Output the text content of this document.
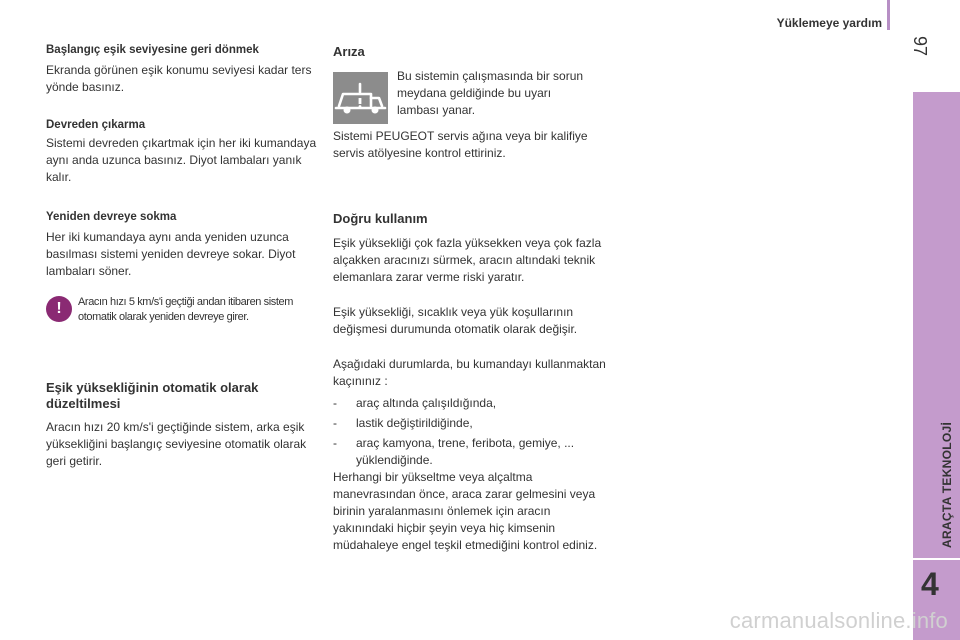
Yüklemeye yardım
97
ARAÇTA TEKNOLOJİ
4
Başlangıç eşik seviyesine geri dönmek

Ekranda görünen eşik konumu seviyesi kadar ters yönde basınız.

Devreden çıkarma

Sistemi devreden çıkartmak için her iki kumandaya aynı anda uzunca basınız. Diyot lambaları yanık kalır.

Yeniden devreye sokma

Her iki kumandaya aynı anda yeniden uzunca basılması sistemi yeniden devreye sokar. Diyot lambaları söner.

!	Aracın hızı 5 km/s'i geçtiği andan itibaren sistem otomatik olarak yeniden devreye girer.
Eşik yüksekliğinin otomatik olarak düzeltilmesi

Aracın hızı 20 km/s'i geçtiğinde sistem, arka eşik yüksekliğini başlangıç seviyesine otomatik olarak geri getirir.

Arıza

Bu sistemin çalışmasında bir sorun meydana geldiğinde bu uyarı lambası yanar.

Sistemi PEUGEOT servis ağına veya bir kalifiye servis atölyesine kontrol ettiriniz.

Doğru kullanım

Eşik yüksekliği çok fazla yüksekken veya çok fazla alçakken aracınızı sürmek, aracın altındaki teknik elemanlara zarar verme riski yaratır.

Eşik yüksekliği, sıcaklık veya yük koşullarının değişmesi durumunda otomatik olarak değişir.

Aşağıdaki durumlarda, bu kumandayı kullanmaktan kaçınınız :

- araç altında çalışıldığında,
- lastik değiştirildiğinde,
- araç kamyona, trene, feribota, gemiye, ... yüklendiğinde.

Herhangi bir yükseltme veya alçaltma manevrasından önce, araca zarar gelmesini veya birinin yaralanmasını önlemek için aracın yakınındaki hiçbir şeyin veya hiç kimsenin müdahaleye engel teşkil etmediğini kontrol ediniz.

carmanualsonline.info
